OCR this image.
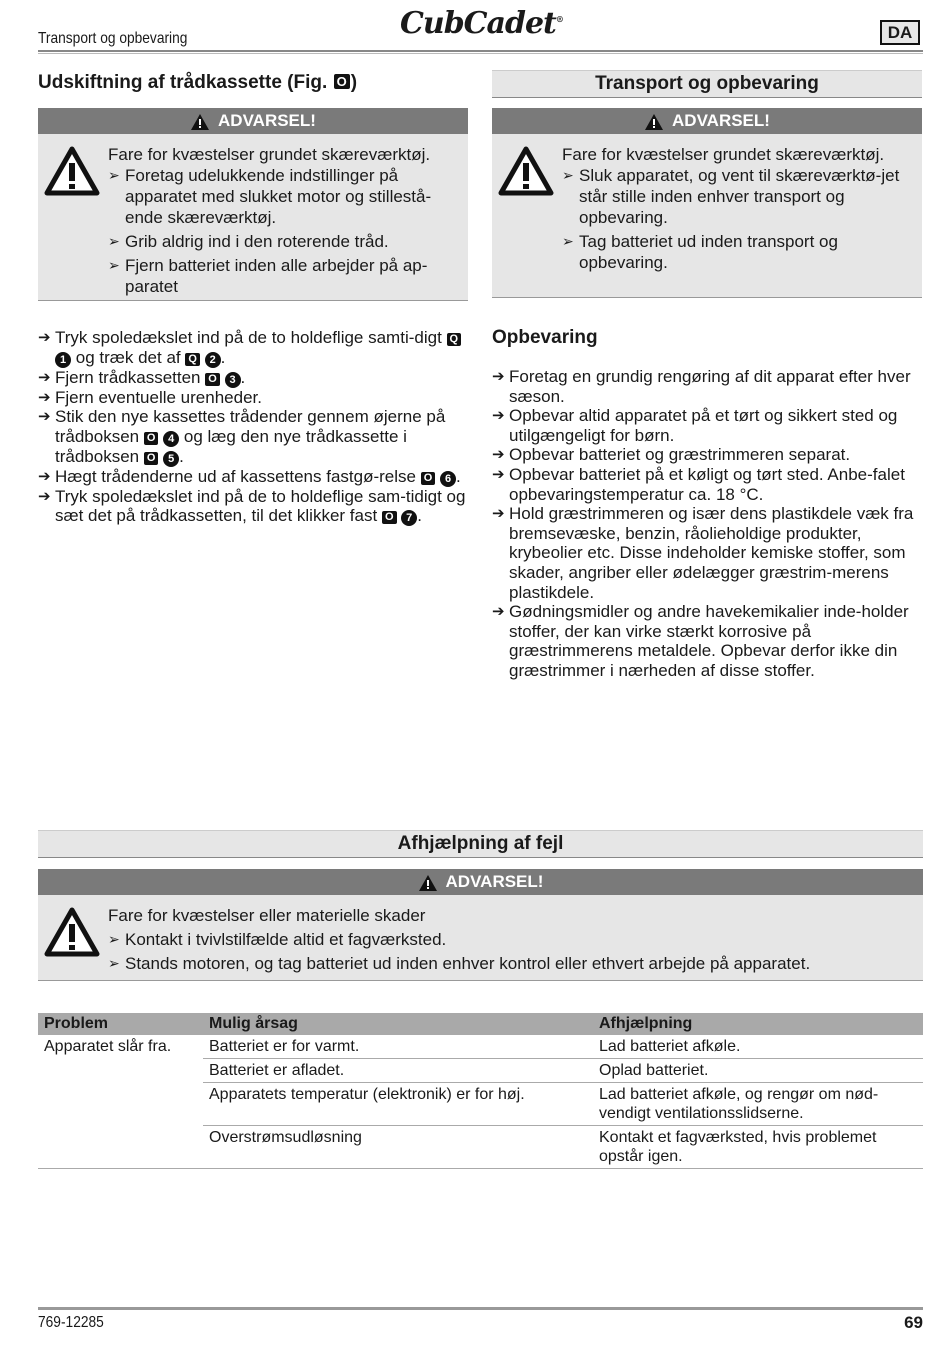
Transport og opbevaring	CubCadet®
DA
Udskiftning af trådkassette (Fig. O )
ADVARSEL!
Fare for kvæstelser grundet skæreværktøj.
➢ Foretag udelukkende indstillinger på apparatet med slukket motor og stillestå-ende skæreværktøj.
➢ Grib aldrig ind i den roterende tråd.
➢ Fjern batteriet inden alle arbejder på ap-paratet
➔ Tryk spoledækslet ind på de to holdeflige samti-digt Q 1 og træk det af Q 2 .
➔ Fjern trådkassetten O 3 .
➔ Fjern eventuelle urenheder.
➔ Stik den nye kassettes trådender gennem øjerne på trådboksen O 4 og læg den nye trådkassette i trådboksen O 5 .
➔ Hægt trådenderne ud af kassettens fastgø-relse O 6 .
➔ Tryk spoledækslet ind på de to holdeflige sam-tidigt og sæt det på trådkassetten, til det klikker fast O 7 .
Transport og opbevaring
ADVARSEL!
Fare for kvæstelser grundet skæreværktøj.
➢ Sluk apparatet, og vent til skæreværktø-jet står stille inden enhver transport og opbevaring.
➢ Tag batteriet ud inden transport og opbevaring.
Opbevaring
➔ Foretag en grundig rengøring af dit apparat efter hver sæson.
➔ Opbevar altid apparatet på et tørt og sikkert sted og utilgængeligt for børn.
➔ Opbevar batteriet og græstrimmeren separat.
➔ Opbevar batteriet på et køligt og tørt sted. Anbe-falet opbevaringstemperatur ca. 18 °C.
➔ Hold græstrimmeren og især dens plastikdele væk fra bremsevæske, benzin, råolieholdige produkter, krybeolier etc. Disse indeholder kemiske stoffer, som skader, angriber eller ødelægger græstrim-merens plastikdele.
➔ Gødningsmidler og andre havekemikalier inde-holder stoffer, der kan virke stærkt korrosive på græstrimmerens metaldele. Opbevar derfor ikke din græstrimmer i nærheden af disse stoffer.
Afhjælpning af fejl
ADVARSEL!
Fare for kvæstelser eller materielle skader
➢ Kontakt i tvivlstilfælde altid et fagværksted.
➢ Stands motoren, og tag batteriet ud inden enhver kontrol eller ethvert arbejde på apparatet.
Problem	Mulig årsag	Afhjælpning
Apparatet slår fra.	Batteriet er for varmt.	Lad batteriet afkøle.
	Batteriet er afladet.	Oplad batteriet.
	Apparatets temperatur (elektronik) er for høj.	Lad batteriet afkøle, og rengør om nød-vendigt ventilationsslidserne.
	Overstrømsudløsning	Kontakt et fagværksted, hvis problemet opstår igen.
769-12285	69
